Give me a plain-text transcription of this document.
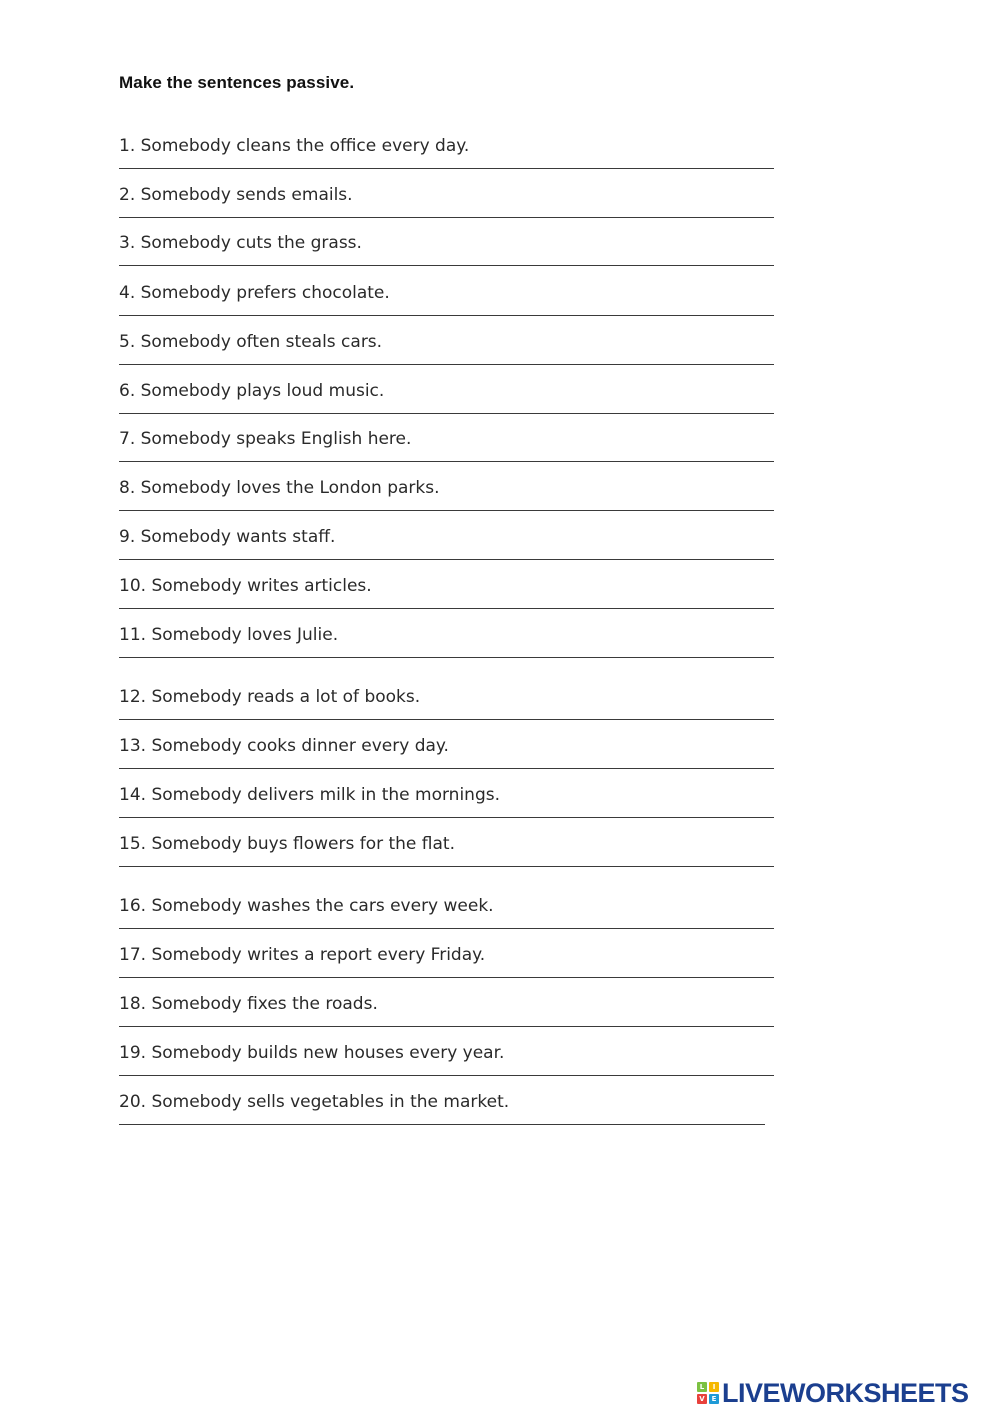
Make the sentences passive.
1. Somebody cleans the office every day.
2. Somebody sends emails.
3. Somebody cuts the grass.
4. Somebody prefers chocolate.
5. Somebody often steals cars.
6. Somebody plays loud music.
7. Somebody speaks English here.
8. Somebody loves the London parks.
9. Somebody wants staff.
10. Somebody writes articles.
11. Somebody loves Julie.
12. Somebody reads a lot of books.
13. Somebody cooks dinner every day.
14. Somebody delivers milk in the mornings.
15. Somebody buys flowers for the flat.
16. Somebody washes the cars every week.
17. Somebody writes a report every Friday.
18. Somebody fixes the roads.
19. Somebody builds new houses every year.
20. Somebody sells vegetables in the market.
L	I
V E LIVEWORKSHEETS
